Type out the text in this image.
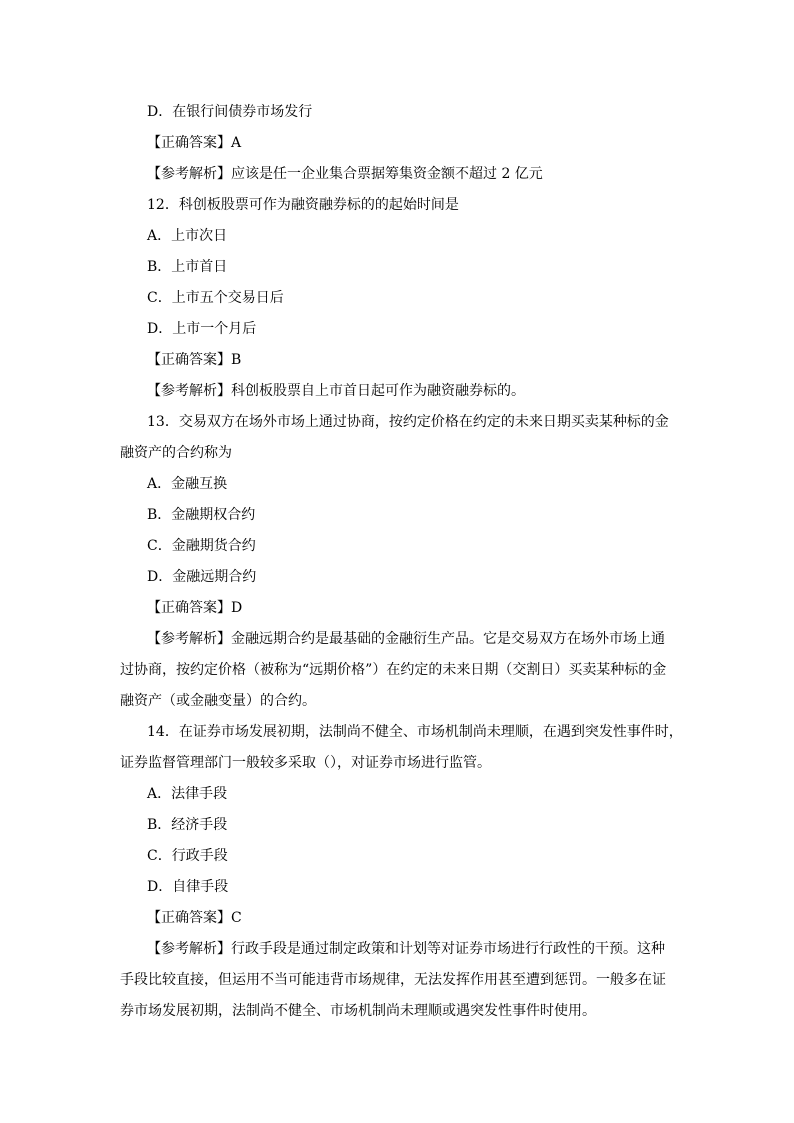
D．在银行间债券市场发行
【正确答案】A
【参考解析】应该是任一企业集合票据筹集资金额不超过 2 亿元
12．科创板股票可作为融资融券标的的起始时间是
A．上市次日
B．上市首日
C．上市五个交易日后
D．上市一个月后
【正确答案】B
【参考解析】科创板股票自上市首日起可作为融资融券标的。
13．交易双方在场外市场上通过协商，按约定价格在约定的未来日期买卖某种标的金
融资产的合约称为
A．金融互换
B．金融期权合约
C．金融期货合约
D．金融远期合约
【正确答案】D
【参考解析】金融远期合约是最基础的金融衍生产品。它是交易双方在场外市场上通
过协商，按约定价格（被称为“远期价格”）在约定的未来日期（交割日）买卖某种标的金
融资产（或金融变量）的合约。
14．在证券市场发展初期，法制尚不健全、市场机制尚未理顺，在遇到突发性事件时，
证券监督管理部门一般较多采取（），对证券市场进行监管。
A．法律手段
B．经济手段
C．行政手段
D．自律手段
【正确答案】C
【参考解析】行政手段是通过制定政策和计划等对证券市场进行行政性的干预。这种
手段比较直接，但运用不当可能违背市场规律，无法发挥作用甚至遭到惩罚。一般多在证
券市场发展初期，法制尚不健全、市场机制尚未理顺或遇突发性事件时使用。
